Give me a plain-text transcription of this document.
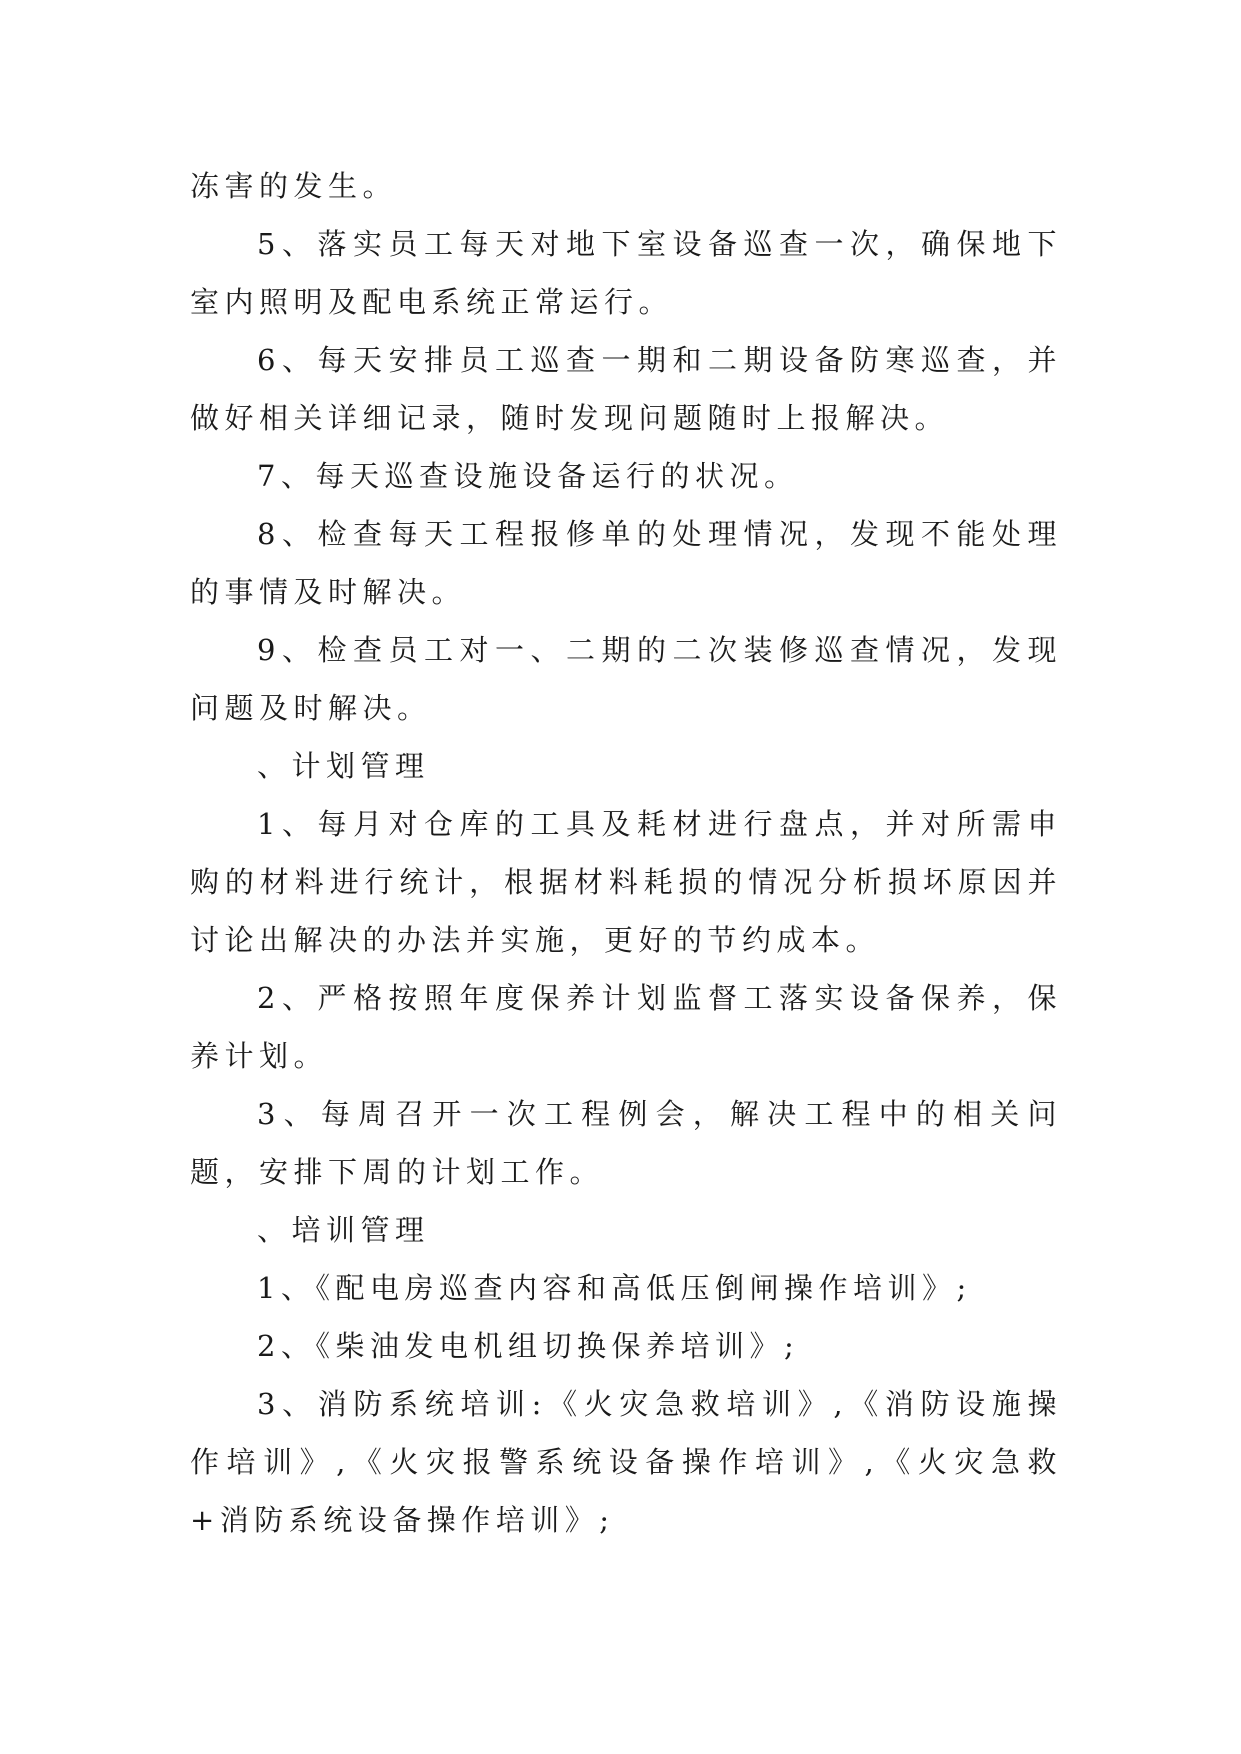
冻害的发生。

5、落实员工每天对地下室设备巡查一次，确保地下室内照明及配电系统正常运行。

6、每天安排员工巡查一期和二期设备防寒巡查，并做好相关详细记录，随时发现问题随时上报解决。

7、每天巡查设施设备运行的状况。

8、检查每天工程报修单的处理情况，发现不能处理的事情及时解决。

9、检查员工对一、二期的二次装修巡查情况，发现问题及时解决。

、计划管理

1、每月对仓库的工具及耗材进行盘点，并对所需申购的材料进行统计，根据材料耗损的情况分析损坏原因并讨论出解决的办法并实施，更好的节约成本。

2、严格按照年度保养计划监督工落实设备保养，保养计划。

3、每周召开一次工程例会，解决工程中的相关问题，安排下周的计划工作。

、培训管理

1、《配电房巡查内容和高低压倒闸操作培训》;

2、《柴油发电机组切换保养培训》;

3、消防系统培训:《火灾急救培训》,《消防设施操作培训》,《火灾报警系统设备操作培训》,《火灾急救+消防系统设备操作培训》;
